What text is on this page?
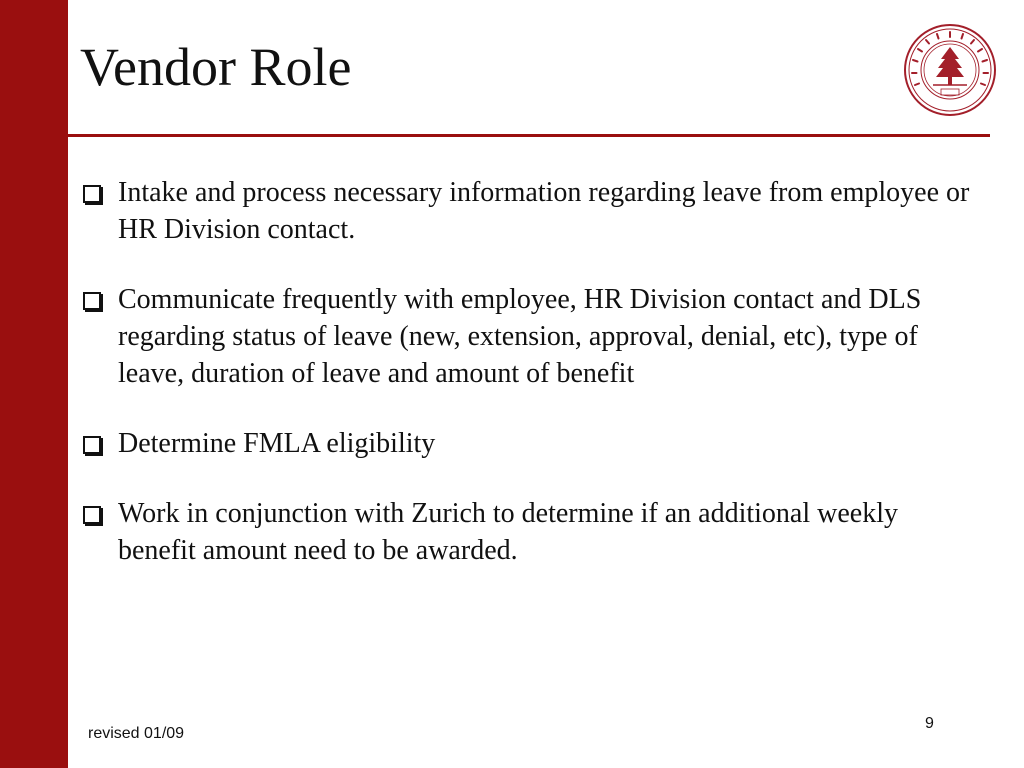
Vendor Role
Intake and process necessary information regarding leave from employee or HR Division contact.
Communicate frequently with employee, HR Division contact and DLS regarding status of leave (new, extension, approval, denial, etc), type of leave, duration of leave and amount of benefit
Determine FMLA eligibility
Work in conjunction with Zurich to determine if an additional weekly benefit amount need to be awarded.
revised 01/09
9
